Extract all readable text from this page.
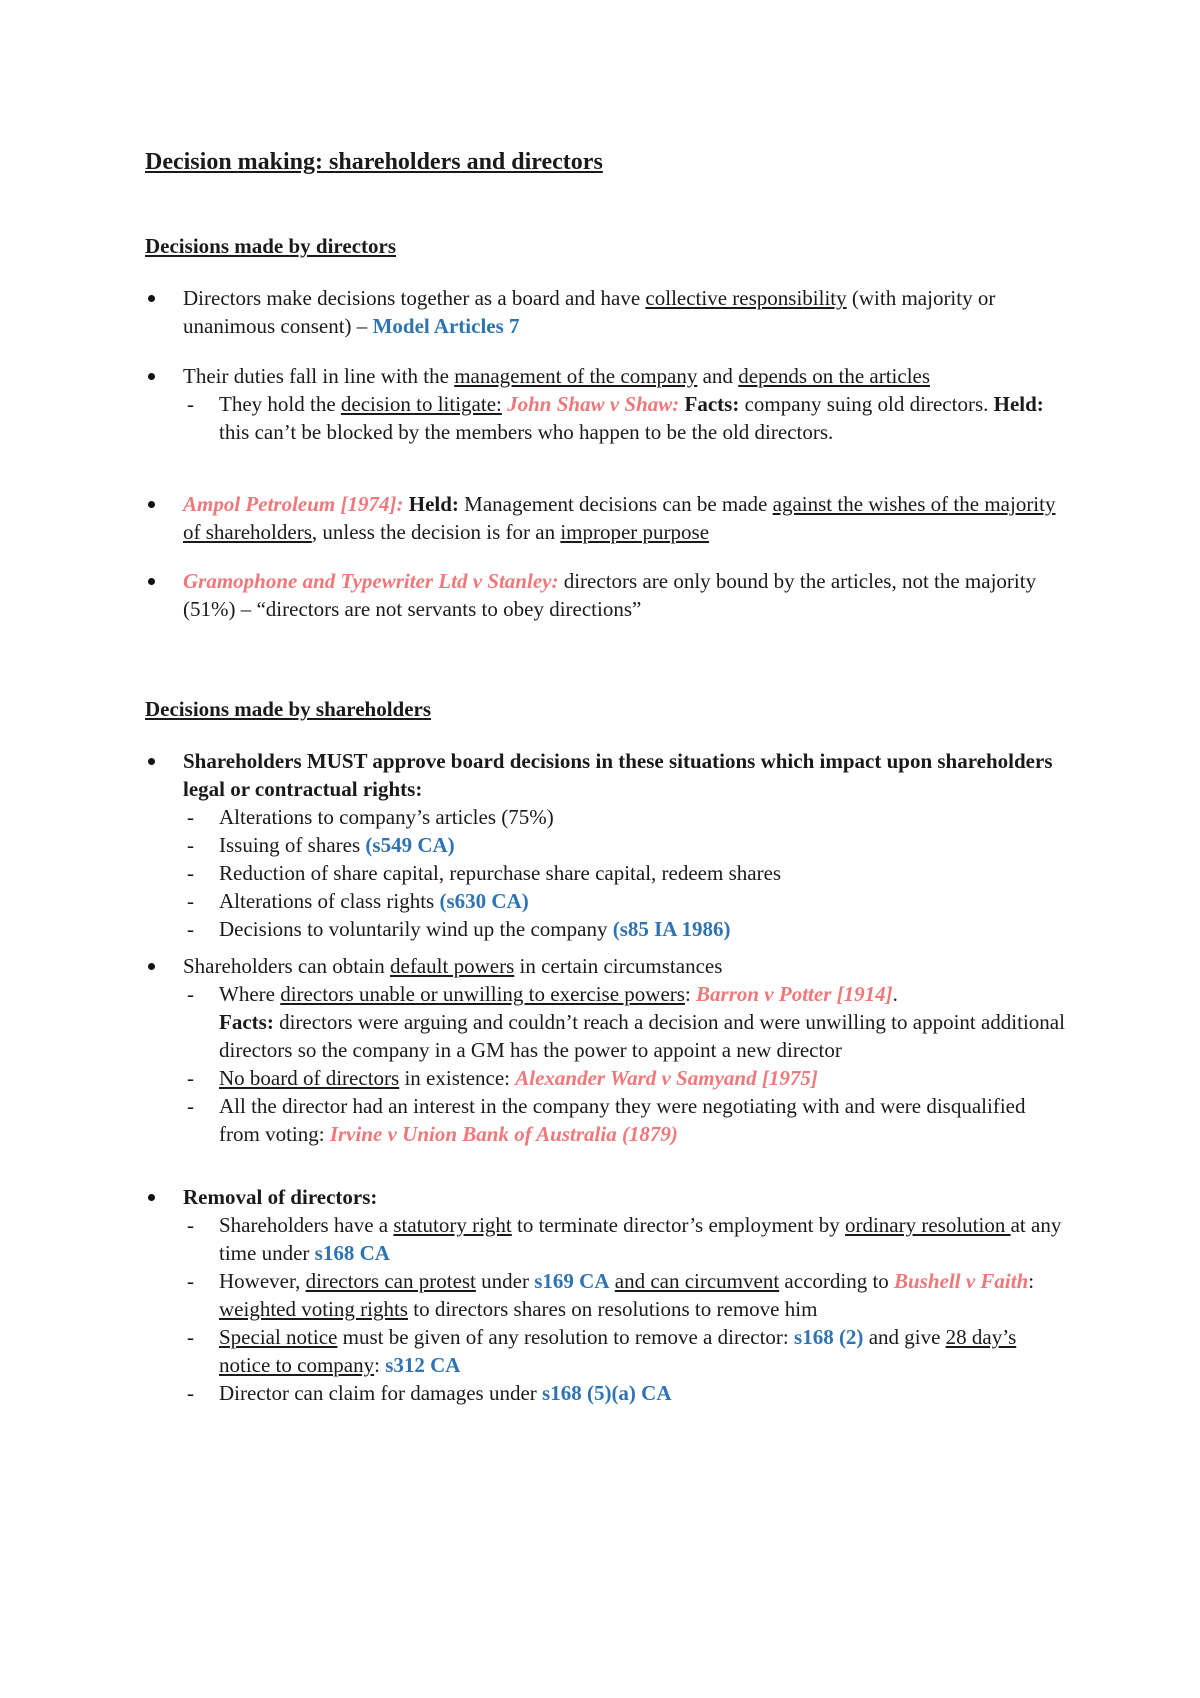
Decision making: shareholders and directors
Decisions made by directors
Directors make decisions together as a board and have collective responsibility (with majority or unanimous consent) – Model Articles 7
Their duties fall in line with the management of the company and depends on the articles
- They hold the decision to litigate: John Shaw v Shaw: Facts: company suing old directors. Held: this can’t be blocked by the members who happen to be the old directors.
Ampol Petroleum [1974]: Held: Management decisions can be made against the wishes of the majority of shareholders, unless the decision is for an improper purpose
Gramophone and Typewriter Ltd v Stanley: directors are only bound by the articles, not the majority (51%) – “directors are not servants to obey directions”
Decisions made by shareholders
Shareholders MUST approve board decisions in these situations which impact upon shareholders legal or contractual rights:
- Alterations to company’s articles (75%)
- Issuing of shares (s549 CA)
- Reduction of share capital, repurchase share capital, redeem shares
- Alterations of class rights (s630 CA)
- Decisions to voluntarily wind up the company (s85 IA 1986)
Shareholders can obtain default powers in certain circumstances
- Where directors unable or unwilling to exercise powers: Barron v Potter [1914].
Facts: directors were arguing and couldn’t reach a decision and were unwilling to appoint additional directors so the company in a GM has the power to appoint a new director
- No board of directors in existence: Alexander Ward v Samyand [1975]
- All the director had an interest in the company they were negotiating with and were disqualified from voting: Irvine v Union Bank of Australia (1879)
Removal of directors:
- Shareholders have a statutory right to terminate director’s employment by ordinary resolution at any time under s168 CA
- However, directors can protest under s169 CA and can circumvent according to Bushell v Faith: weighted voting rights to directors shares on resolutions to remove him
- Special notice must be given of any resolution to remove a director: s168 (2) and give 28 day’s notice to company: s312 CA
- Director can claim for damages under s168 (5)(a) CA
